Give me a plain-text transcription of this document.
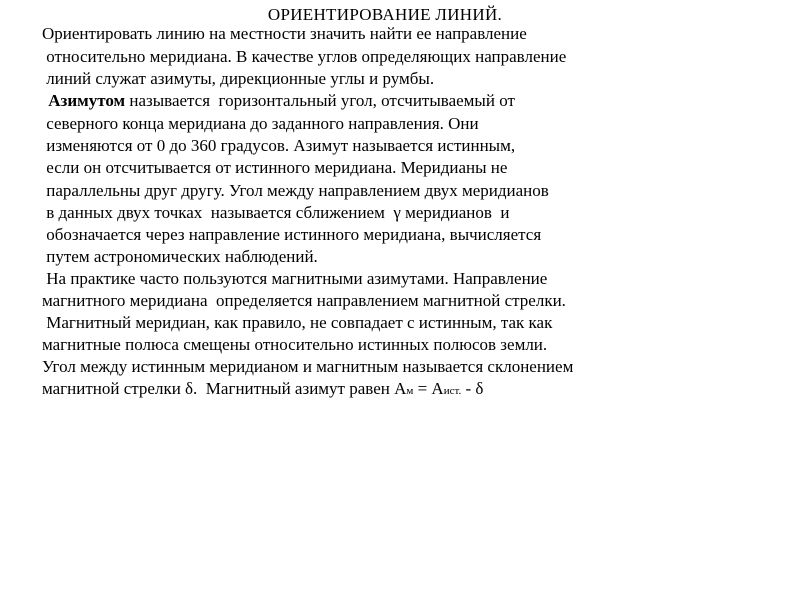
ОРИЕНТИРОВАНИЕ ЛИНИЙ.
Ориентировать линию на местности значить найти ее направление
относительно меридиана. В качестве углов определяющих направление
линий служат азимуты, дирекционные углы и румбы.
Азимутом называется  горизонтальный угол, отсчитываемый от
северного конца меридиана до заданного направления. Они
изменяются от 0 до 360 градусов. Азимут называется истинным,
если он отсчитывается от истинного меридиана. Меридианы не
параллельны друг другу. Угол между направлением двух меридианов
в данных двух точках  называется сближением  γ меридианов  и
обозначается через направление истинного меридиана, вычисляется
путем астрономических наблюдений.
На практике часто пользуются магнитными азимутами. Направление
магнитного меридиана  определяется направлением магнитной стрелки.
Магнитный меридиан, как правило, не совпадает с истинным, так как
магнитные полюса смещены относительно истинных полюсов земли.
Угол между истинным меридианом и магнитным называется склонением
магнитной стрелки δ.  Магнитный азимут равен Ам = Аист. - δ
